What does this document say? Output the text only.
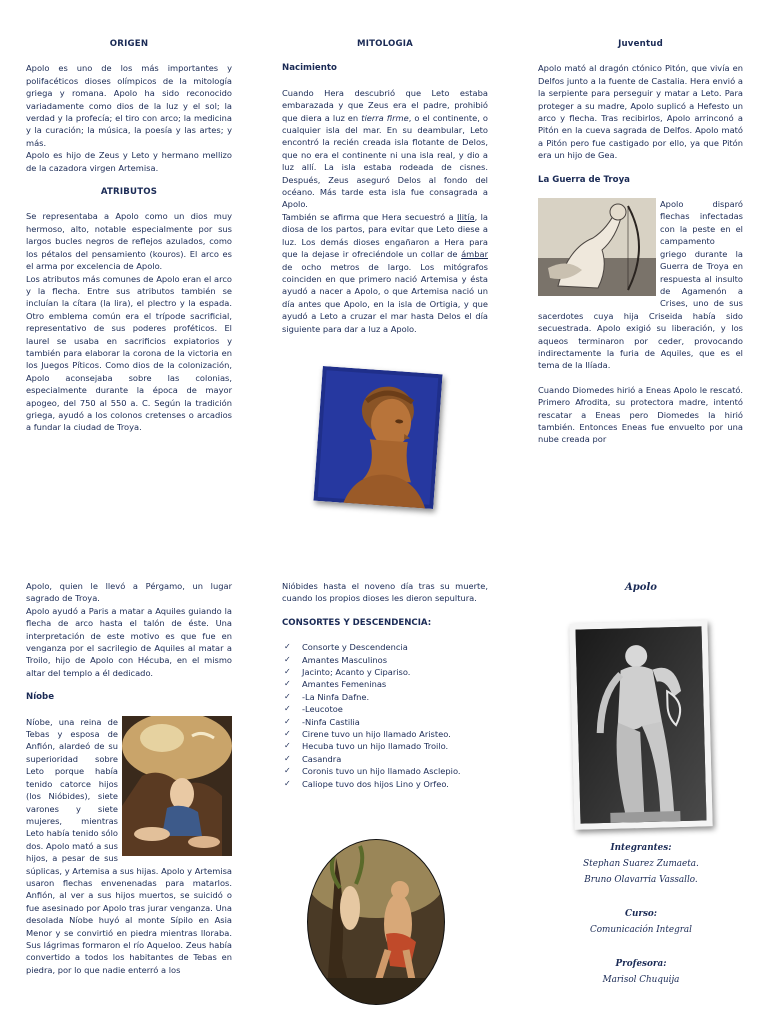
ORIGEN

Apolo es uno de los más importantes y polifacéticos dioses olímpicos de la mitología griega y romana. Apolo ha sido reconocido variadamente como dios de la luz y el sol; la verdad y la profecía; el tiro con arco; la medicina y la curación; la música, la poesía y las artes; y más.

Apolo es hijo de Zeus y Leto y hermano mellizo de la cazadora virgen Artemisa.

ATRIBUTOS

Se representaba a Apolo como un dios muy hermoso, alto, notable especialmente por sus largos bucles negros de reflejos azulados, como los pétalos del pensamiento (kouros). El arco es el arma por excelencia de Apolo.

Los atributos más comunes de Apolo eran el arco y la flecha. Entre sus atributos también se incluían la cítara (la lira), el plectro y la espada. Otro emblema común era el trípode sacrificial, representativo de sus poderes proféticos. El laurel se usaba en sacrificios expiatorios y también para elaborar la corona de la victoria en los Juegos Píticos. Como dios de la colonización, Apolo aconsejaba sobre las colonias, especialmente durante la época de mayor apogeo, del 750 al 550 a. C. Según la tradición griega, ayudó a los colonos cretenses o arcadios a fundar la ciudad de Troya.

MITOLOGIA
Nacimiento

Cuando Hera descubrió que Leto estaba embarazada y que Zeus era el padre, prohibió que diera a luz en tierra firme, o el continente, o cualquier isla del mar. En su deambular, Leto encontró la recién creada isla flotante de Delos, que no era el continente ni una isla real, y dio a luz allí. La isla estaba rodeada de cisnes. Después, Zeus aseguró Delos al fondo del océano. Más tarde esta isla fue consagrada a Apolo.

También se afirma que Hera secuestró a Ilitía, la diosa de los partos, para evitar que Leto diese a luz. Los demás dioses engañaron a Hera para que la dejase ir ofreciéndole un collar de ámbar de ocho metros de largo. Los mitógrafos coinciden en que primero nació Artemisa y ésta ayudó a nacer a Apolo, o que Artemisa nació un día antes que Apolo, en la isla de Ortigia, y que ayudó a Leto a cruzar el mar hasta Delos el día siguiente para dar a luz a Apolo.

Juventud

Apolo mató al dragón ctónico Pitón, que vivía en Delfos junto a la fuente de Castalia. Hera envió a la serpiente para perseguir y matar a Leto. Para proteger a su madre, Apolo suplicó a Hefesto un arco y flecha. Tras recibirlos, Apolo arrinconó a Pitón en la cueva sagrada de Delfos. Apolo mató a Pitón pero fue castigado por ello, ya que Pitón era un hijo de Gea.

La Guerra de Troya

Apolo disparó flechas infectadas con la peste en el campamento griego durante la Guerra de Troya en respuesta al insulto de Agamenón a Crises, uno de sus sacerdotes cuya hija Criseida había sido secuestrada. Apolo exigió su liberación, y los aqueos terminaron por ceder, provocando indirectamente la furia de Aquiles, que es el tema de la Ilíada.

Cuando Diomedes hirió a Eneas Apolo le rescató. Primero Afrodita, su protectora madre, intentó rescatar a Eneas pero Diomedes la hirió también. Entonces Eneas fue envuelto por una nube creada por

Apolo, quien le llevó a Pérgamo, un lugar sagrado de Troya.

Apolo ayudó a Paris a matar a Aquiles guiando la flecha de arco hasta el talón de éste. Una interpretación de este motivo es que fue en venganza por el sacrilegio de Aquiles al matar a Troilo, hijo de Apolo con Hécuba, en el mismo altar del templo a él dedicado.

Níobe

Níobe, una reina de Tebas y esposa de Anfión, alardeó de su superioridad sobre Leto porque había tenido catorce hijos (los Nióbides), siete varones y siete mujeres, mientras Leto había tenido sólo dos. Apolo mató a sus hijos, a pesar de sus súplicas, y Artemisa a sus hijas. Apolo y Artemisa usaron flechas envenenadas para matarlos. Anfión, al ver a sus hijos muertos, se suicidó o fue asesinado por Apolo tras jurar venganza. Una desolada Níobe huyó al monte Sípilo en Asia Menor y se convirtió en piedra mientras lloraba. Sus lágrimas formaron el río Aqueloo. Zeus había convertido a todos los habitantes de Tebas en piedra, por lo que nadie enterró a los

Nióbides hasta el noveno día tras su muerte, cuando los propios dioses les dieron sepultura.

CONSORTES Y DESCENDENCIA:
✓ Consorte y Descendencia
✓ Amantes Masculinos
✓ Jacinto; Acanto y Cipariso.
✓ Amantes Femeninas
✓ -La Ninfa Dafne.
✓ -Leucotoe
✓ -Ninfa Castilia
✓ Cirene tuvo un hijo llamado Aristeo.
✓ Hecuba tuvo un hijo llamado Troilo.
✓ Casandra
✓ Coronis tuvo un hijo llamado Asclepio.
✓ Caliope tuvo dos hijos Lino y Orfeo.
Apolo
Integrantes:
Stephan Suarez Zumaeta.
Bruno Olavarria Vassallo.
Curso:
Comunicación Integral
Profesora:
Marisol Chuquija
